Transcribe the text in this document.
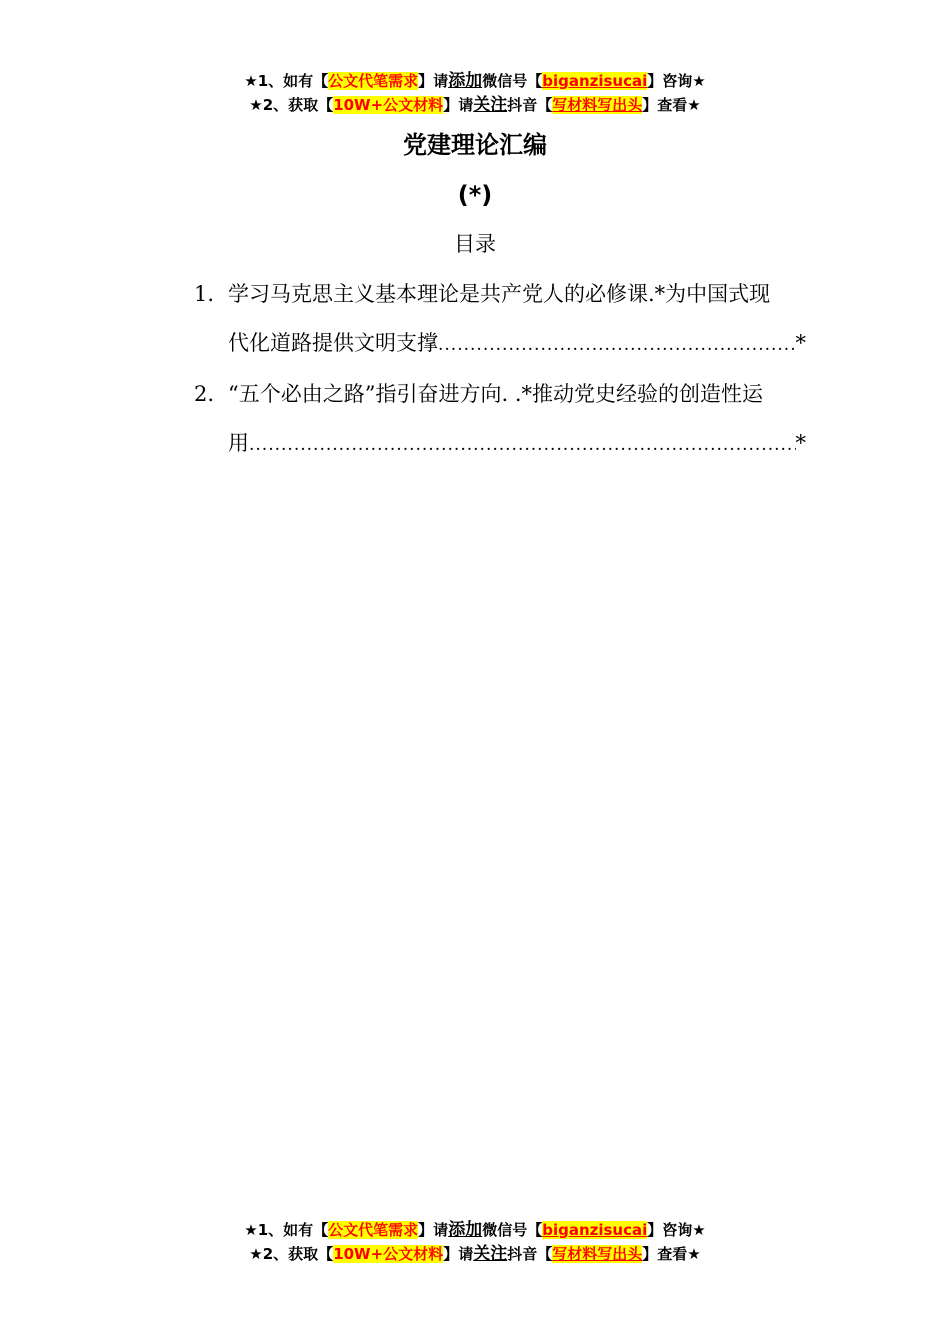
★1、如有【公文代笔需求】请添加微信号【biganzisucai】咨询★
★2、获取【10W+公文材料】请关注抖音【写材料写出头】查看★
党建理论汇编
(*)
目录
1. 学习马克思主义基本理论是共产党人的必修课.*为中国式现
代化道路提供文明支撑 .....	*
2. “五个必由之路”指引奋进方向. .*推动党史经验的创造性运
用 .....	*
★1、如有【公文代笔需求】请添加微信号【biganzisucai】咨询★
★2、获取【10W+公文材料】请关注抖音【写材料写出头】查看★
